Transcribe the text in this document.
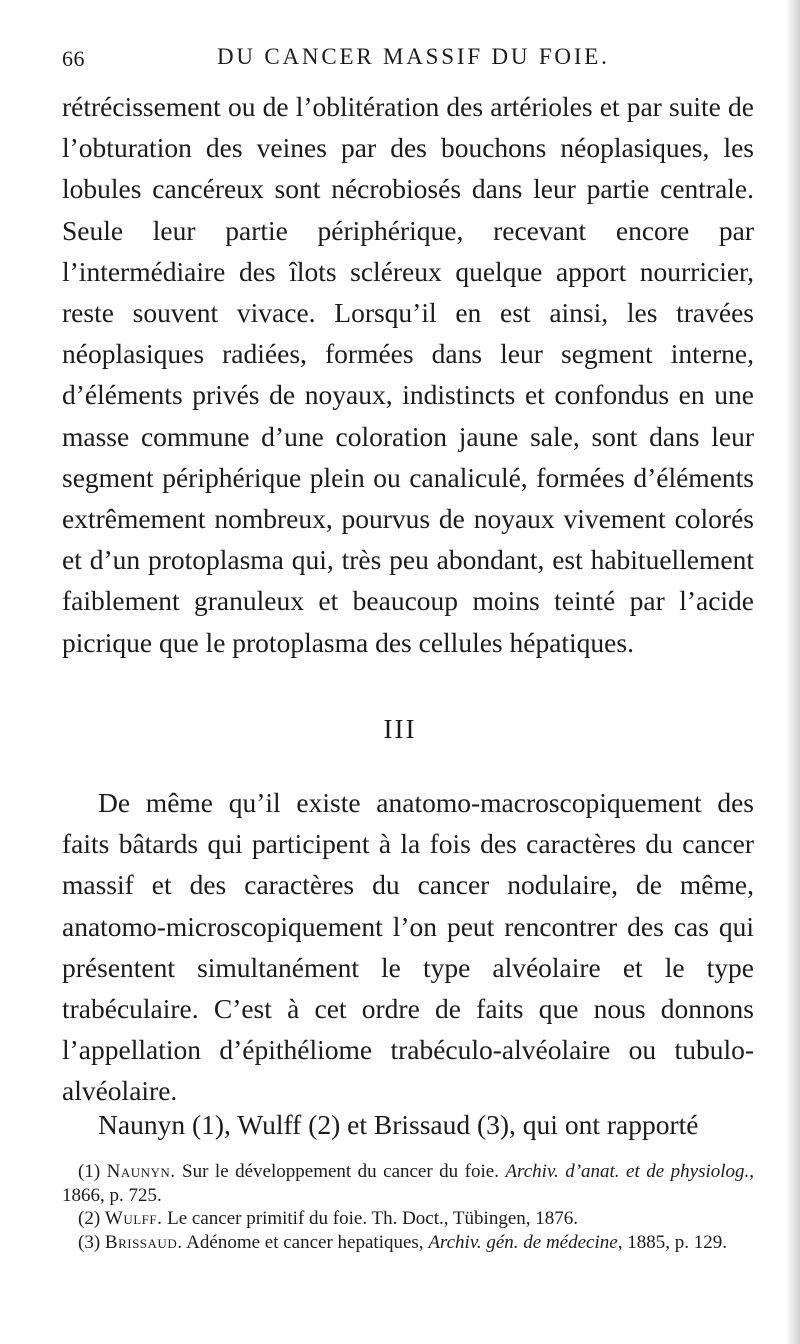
66	DU CANCER MASSIF DU FOIE.

rétrécissement ou de l’oblitération des artérioles et par suite de l’obturation des veines par des bouchons néoplasiques, les lobules cancéreux sont nécrobiosés dans leur partie centrale. Seule leur partie périphérique, recevant encore par l’intermédiaire des îlots scléreux quelque apport nourricier, reste souvent vivace. Lorsqu’il en est ainsi, les travées néoplasiques radiées, formées dans leur segment interne, d’éléments privés de noyaux, indistincts et confondus en une masse commune d’une coloration jaune sale, sont dans leur segment périphérique plein ou canaliculé, formées d’éléments extrêmement nombreux, pourvus de noyaux vivement colorés et d’un protoplasma qui, très peu abondant, est habituellement faiblement granuleux et beaucoup moins teinté par l’acide picrique que le protoplasma des cellules hépatiques.

III

De même qu’il existe anatomo-macroscopiquement des faits bâtards qui participent à la fois des caractères du cancer massif et des caractères du cancer nodulaire, de même, anatomo-microscopiquement l’on peut rencontrer des cas qui présentent simultanément le type alvéolaire et le type trabéculaire. C’est à cet ordre de faits que nous donnons l’appellation d’épithéliome trabéculo-alvéolaire ou tubulo-alvéolaire.

Naunyn (1), Wulff (2) et Brissaud (3), qui ont rapporté

(1) Naunyn. Sur le développement du cancer du foie. Archiv. d’anat. et de physiolog., 1866, p. 725.

(2) Wulff. Le cancer primitif du foie. Th. Doct., Tübingen, 1876.

(3) Brissaud. Adénome et cancer hepatiques, Archiv. gén. de médecine, 1885, p. 129.
